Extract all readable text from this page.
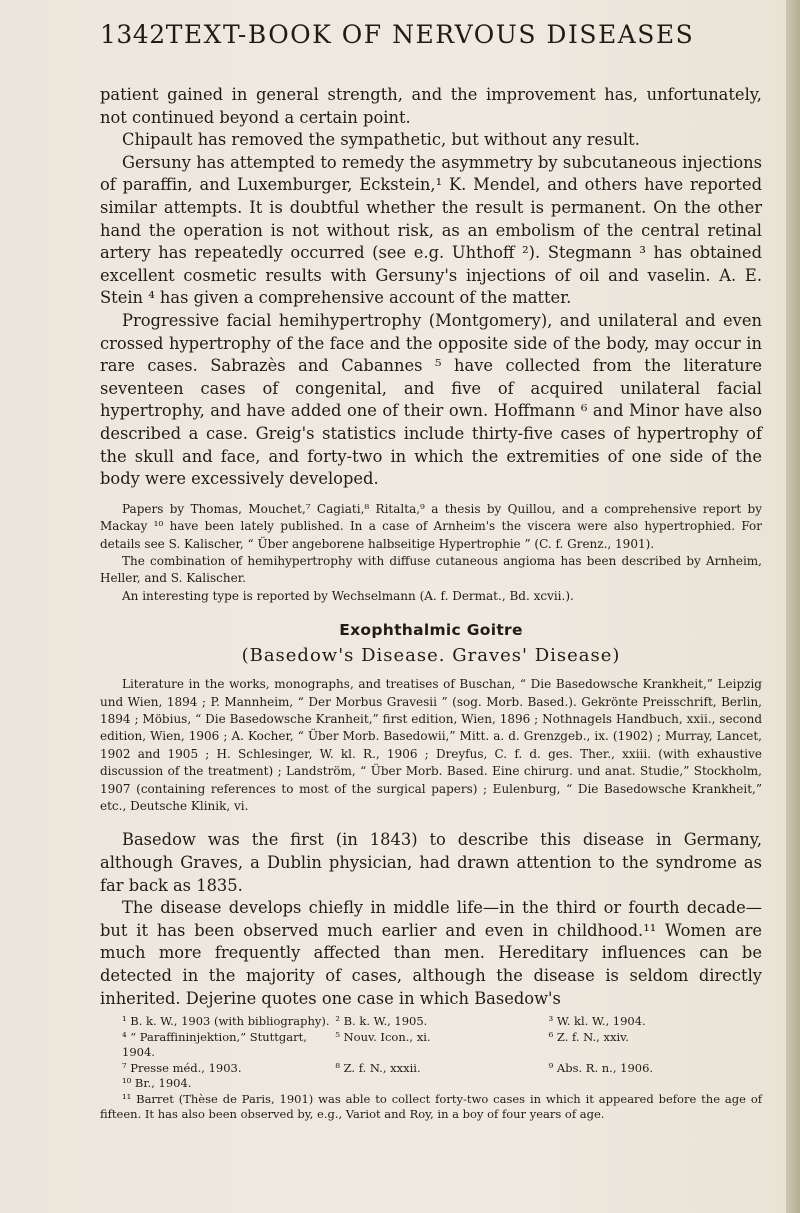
1342 TEXT-BOOK OF NERVOUS DISEASES

patient gained in general strength, and the improvement has, unfortunately, not continued beyond a certain point.

Chipault has removed the sympathetic, but without any result.

Gersuny has attempted to remedy the asymmetry by subcutaneous injections of paraffin, and Luxemburger, Eckstein,¹ K. Mendel, and others have reported similar attempts. It is doubtful whether the result is permanent. On the other hand the operation is not without risk, as an embolism of the central retinal artery has repeatedly occurred (see e.g. Uhthoff ²). Stegmann ³ has obtained excellent cosmetic results with Gersuny's injections of oil and vaselin. A. E. Stein ⁴ has given a comprehensive account of the matter.

Progressive facial hemihypertrophy (Montgomery), and unilateral and even crossed hypertrophy of the face and the opposite side of the body, may occur in rare cases. Sabrazès and Cabannes ⁵ have collected from the literature seventeen cases of congenital, and five of acquired unilateral facial hypertrophy, and have added one of their own. Hoffmann ⁶ and Minor have also described a case. Greig's statistics include thirty-five cases of hypertrophy of the skull and face, and forty-two in which the extremities of one side of the body were excessively developed.

Papers by Thomas, Mouchet,⁷ Cagiati,⁸ Ritalta,⁹ a thesis by Quillou, and a comprehensive report by Mackay ¹⁰ have been lately published. In a case of Arnheim's the viscera were also hypertrophied. For details see S. Kalischer, “ Über angeborene halbseitige Hypertrophie ” (C. f. Grenz., 1901).

The combination of hemihypertrophy with diffuse cutaneous angioma has been described by Arnheim, Heller, and S. Kalischer.

An interesting type is reported by Wechselmann (A. f. Dermat., Bd. xcvii.).

Exophthalmic Goitre
(Basedow's Disease. Graves' Disease)

Literature in the works, monographs, and treatises of Buschan, “ Die Basedowsche Krankheit,” Leipzig und Wien, 1894 ; P. Mannheim, “ Der Morbus Gravesii ” (sog. Morb. Based.). Gekrönte Preisschrift, Berlin, 1894 ; Möbius, “ Die Basedowsche Kranheit,” first edition, Wien, 1896 ; Nothnagels Handbuch, xxii., second edition, Wien, 1906 ; A. Kocher, “ Über Morb. Basedowii,” Mitt. a. d. Grenzgeb., ix. (1902) ; Murray, Lancet, 1902 and 1905 ; H. Schlesinger, W. kl. R., 1906 ; Dreyfus, C. f. d. ges. Ther., xxiii. (with exhaustive discussion of the treatment) ; Landström, “ Über Morb. Based. Eine chirurg. und anat. Studie,” Stockholm, 1907 (containing references to most of the surgical papers) ; Eulenburg, “ Die Basedowsche Krankheit,” etc., Deutsche Klinik, vi.

Basedow was the first (in 1843) to describe this disease in Germany, although Graves, a Dublin physician, had drawn attention to the syndrome as far back as 1835.

The disease develops chiefly in middle life—in the third or fourth decade—but it has been observed much earlier and even in childhood.¹¹ Women are much more frequently affected than men. Hereditary influences can be detected in the majority of cases, although the disease is seldom directly inherited. Dejerine quotes one case in which Basedow's

¹ B. k. W., 1903 (with bibliography). ² B. k. W., 1905.	³ W. kl. W., 1904.
⁴ “ Paraffininjektion,” Stuttgart, 1904.
⁵ Nouv. Icon., xi.	⁶ Z. f. N., xxiv.
⁷ Presse méd., 1903.	⁸ Z. f. N., xxxii.	⁹ Abs. R. n., 1906.

¹⁰ Br., 1904.

¹¹ Barret (Thèse de Paris, 1901) was able to collect forty-two cases in which it appeared before the age of fifteen. It has also been observed by, e.g., Variot and Roy, in a boy of four years of age.
